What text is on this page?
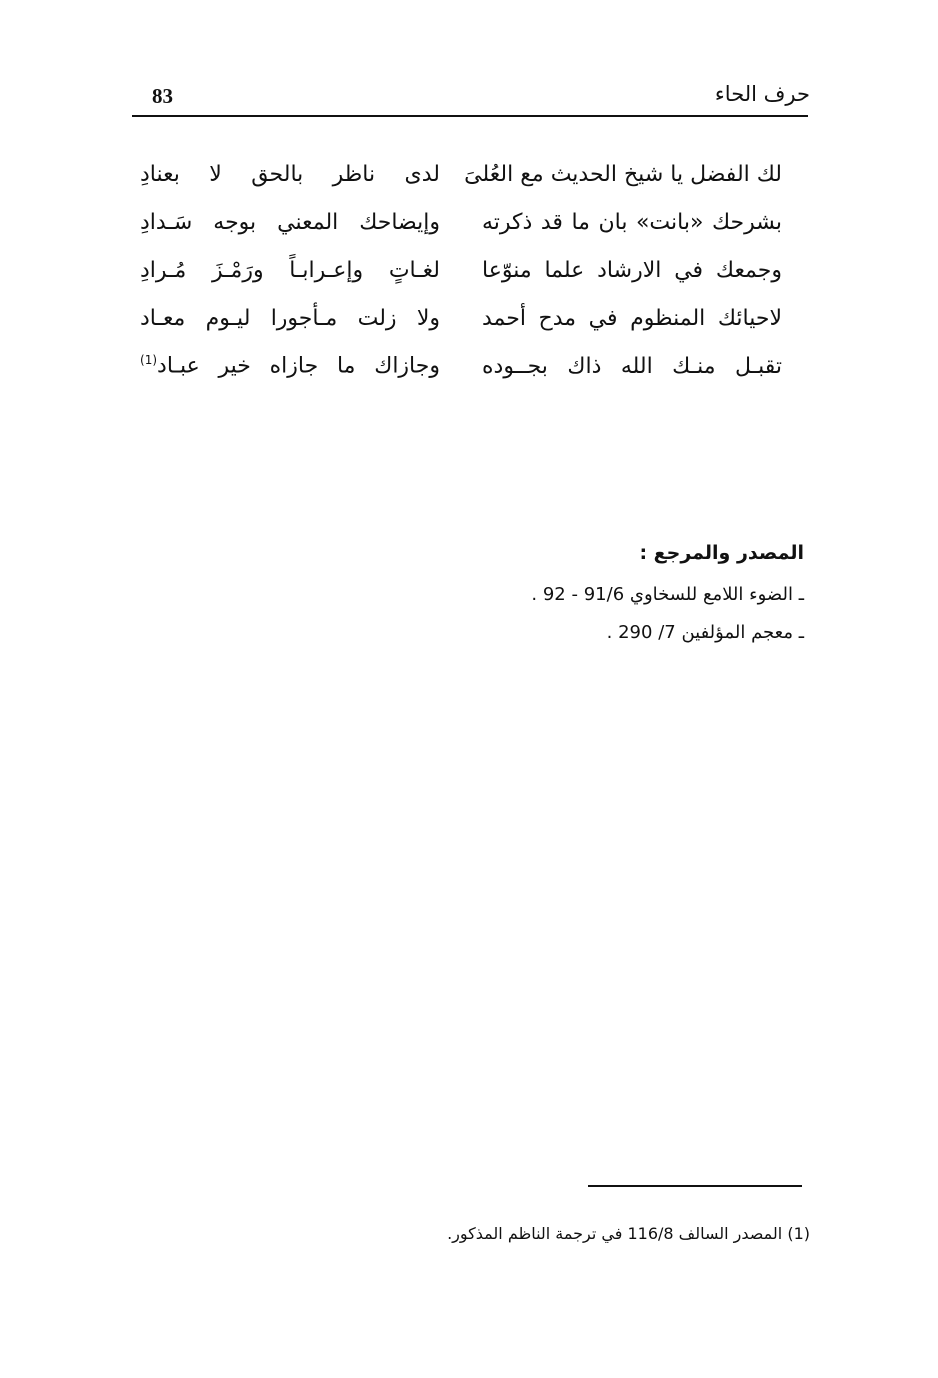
83	حرف الحاء
لك الفضل يا شيخ الحديث مع العُلىَ
لدى ناظر بالحق لا بعنادِ
بشرحك «بانت» بان ما قد ذكرته
وإيضاحك المعني بوجه سَـدادِ
وجمعك في الارشاد علما منوّعا
لغـاتٍ وإعـرابـاً ورَمْـزَ مُـرادِ
لاحيائك المنظوم في مدح أحمد
ولا زلت مـأجورا ليـوم معـاد
تقبـل منـك الله ذاك بجــوده
وجازاك ما جازاه خير عبـاد$^{(1)}$
المصدر والمرجع :
ـ الضوء اللامع للسخاوي 91/6 - 92 .
ـ معجم المؤلفين 7/ 290 .
(1) المصدر السالف 116/8 في ترجمة الناظم المذكور.
